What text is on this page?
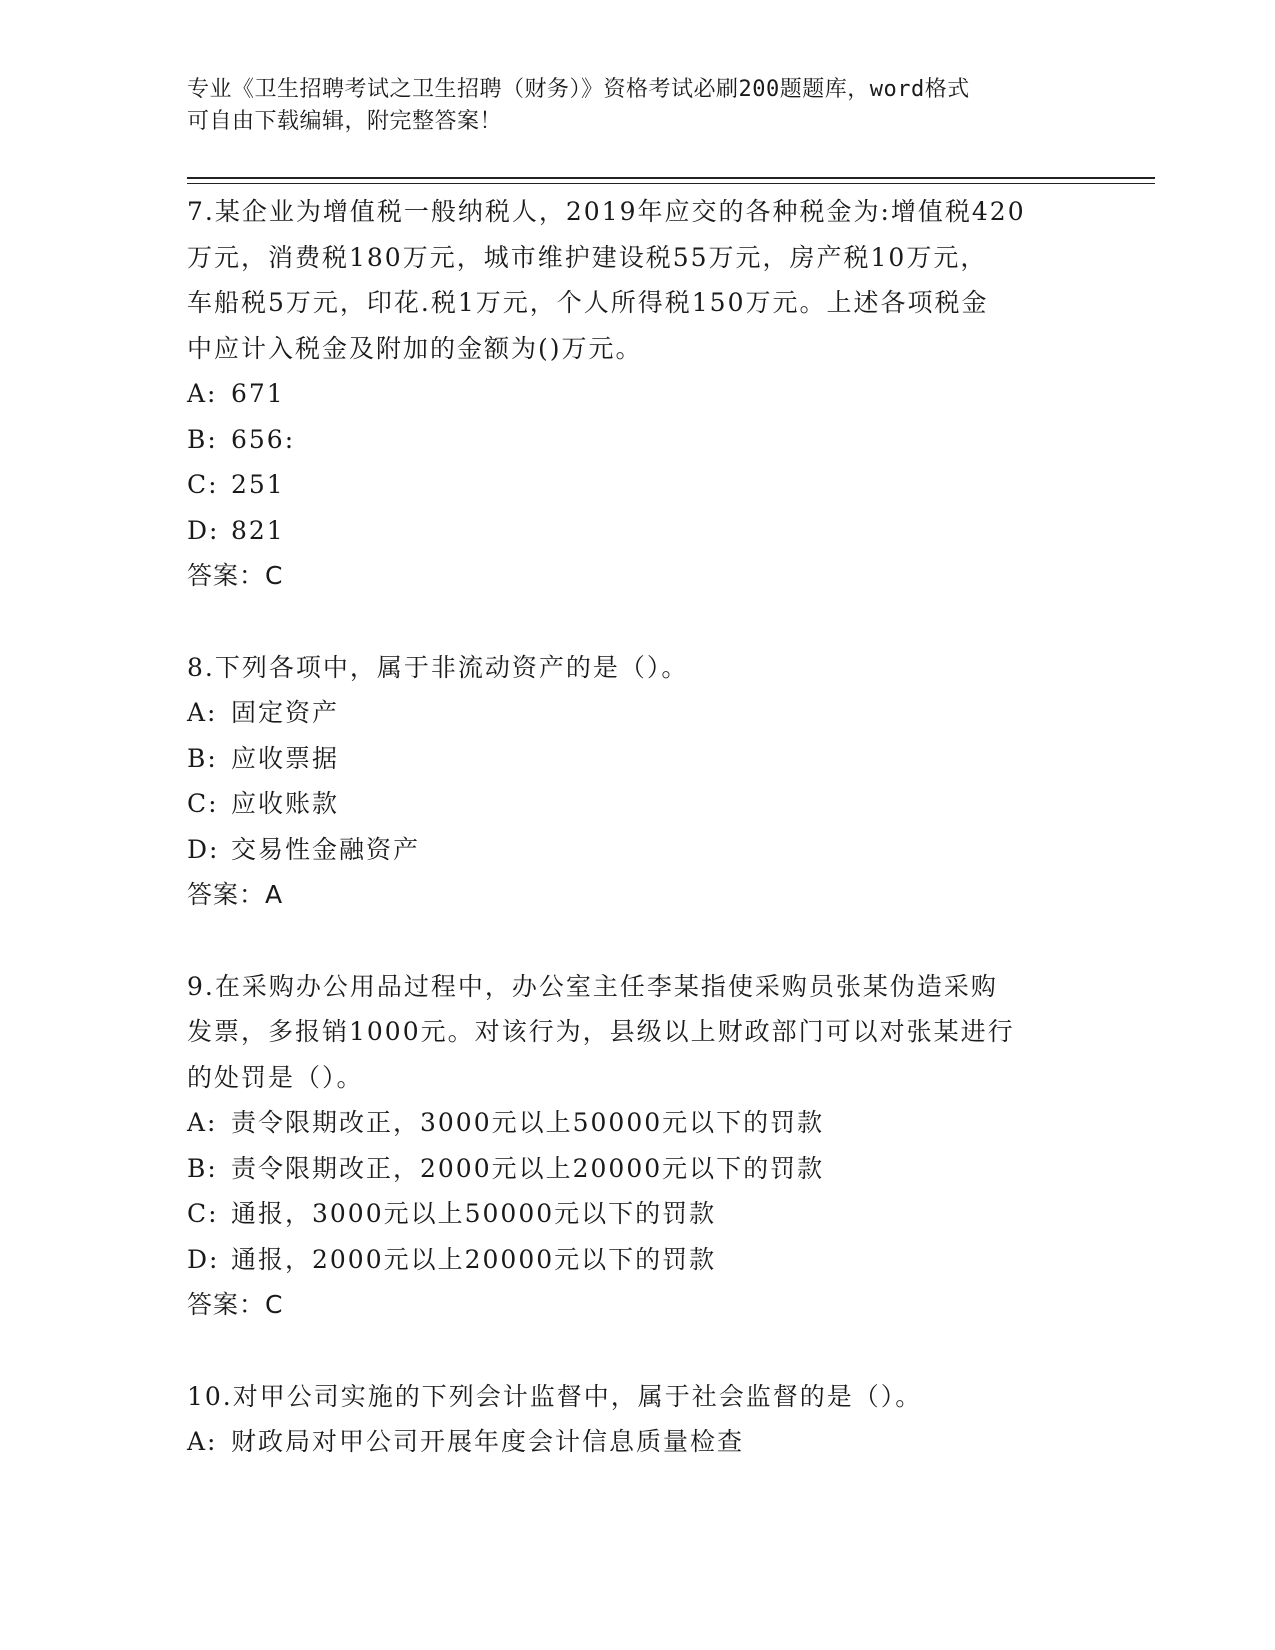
专业《卫生招聘考试之卫生招聘（财务）》资格考试必刷200题题库，word格式
可自由下载编辑，附完整答案！
7.某企业为增值税一般纳税人，2019年应交的各种税金为:增值税420
万元，消费税180万元，城市维护建设税55万元，房产税10万元，
车船税5万元，印花.税1万元，个人所得税150万元。上述各项税金
中应计入税金及附加的金额为()万元。
A: 671
B: 656:
C: 251
D: 821
答案：C
8.下列各项中，属于非流动资产的是（）。
A: 固定资产
B: 应收票据
C: 应收账款
D: 交易性金融资产
答案：A
9.在采购办公用品过程中，办公室主任李某指使采购员张某伪造采购
发票，多报销1000元。对该行为，县级以上财政部门可以对张某进行
的处罚是（）。
A: 责令限期改正，3000元以上50000元以下的罚款
B: 责令限期改正，2000元以上20000元以下的罚款
C: 通报，3000元以上50000元以下的罚款
D: 通报，2000元以上20000元以下的罚款
答案：C
10.对甲公司实施的下列会计监督中，属于社会监督的是（）。
A: 财政局对甲公司开展年度会计信息质量检查
